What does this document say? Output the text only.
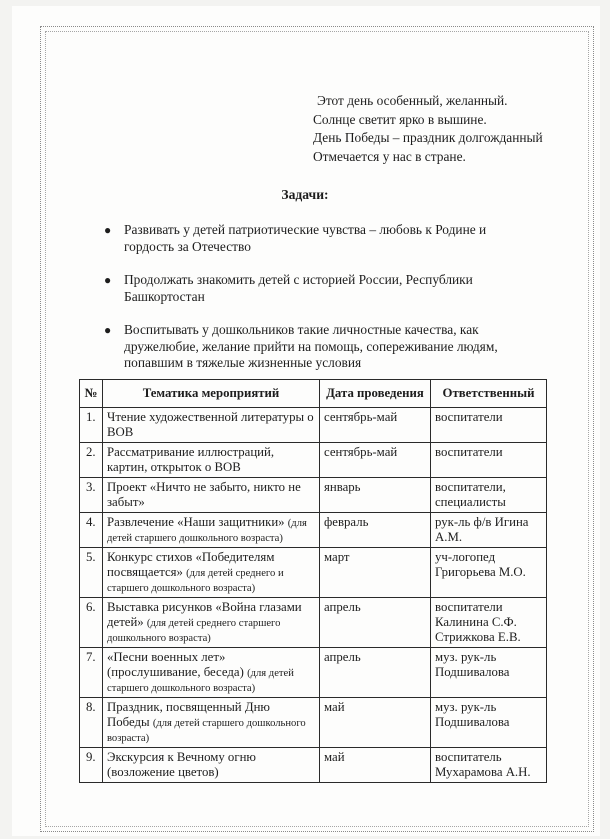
Этот день особенный, желанный.
Солнце светит ярко в вышине.
День Победы – праздник долгожданный
Отмечается у нас в стране.
Задачи:
● Развивать у детей патриотические чувства – любовь к Родине и гордость за Отечество
● Продолжать знакомить детей с историей России, Республики Башкортостан
● Воспитывать у дошкольников такие личностные качества, как дружелюбие, желание прийти на помощь, сопереживание людям, попавшим в тяжелые жизненные условия
№	Тематика мероприятий	Дата проведения	Ответственный
1.	Чтение художественной литературы о ВОВ	сентябрь-май	воспитатели
2.	Рассматривание иллюстраций, картин, открыток о ВОВ	сентябрь-май	воспитатели
3.	Проект «Ничто не забыто, никто не забыт»	январь	воспитатели, специалисты
4.	Развлечение «Наши защитники» (для детей старшего дошкольного возраста)	февраль	рук-ль ф/в Игина А.М.
5.	Конкурс стихов «Победителям посвящается» (для детей среднего и старшего дошкольного возраста)	март	уч-логопед Григорьева М.О.
6.	Выставка рисунков «Война глазами детей» (для детей среднего старшего дошкольного возраста)	апрель	воспитатели Калинина С.Ф. Стрижкова Е.В.
7.	«Песни военных лет» (прослушивание, беседа) (для детей старшего дошкольного возраста)	апрель	муз. рук-ль Подшивалова
8.	Праздник, посвященный Дню Победы (для детей старшего дошкольного возраста)	май	муз. рук-ль Подшивалова
9.	Экскурсия к Вечному огню (возложение цветов)	май	воспитатель Мухарамова А.Н.
